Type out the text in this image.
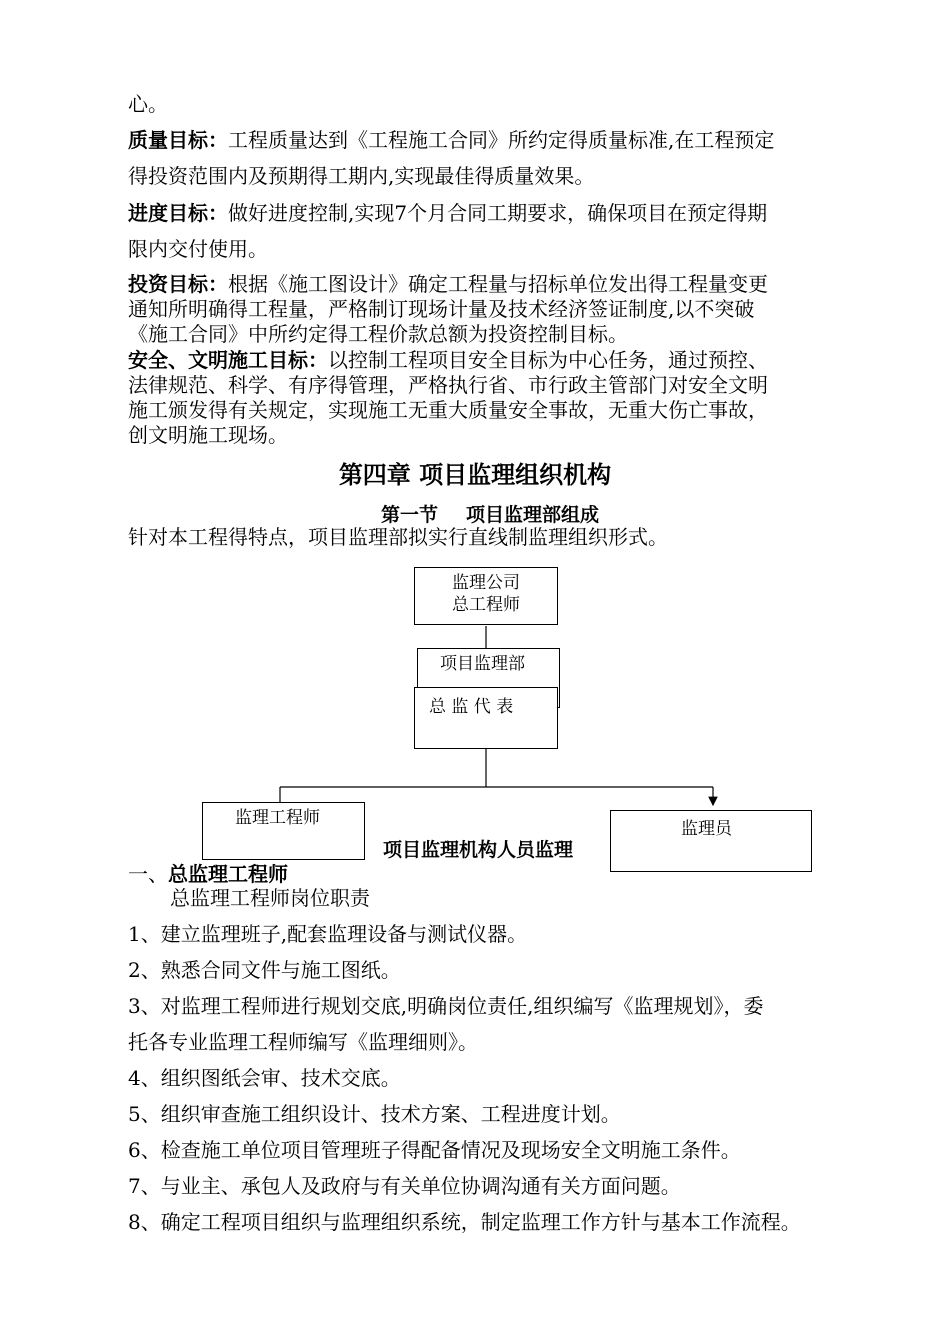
心。
质量目标：工程质量达到《工程施工合同》所约定得质量标准,在工程预定
得投资范围内及预期得工期内,实现最佳得质量效果。
进度目标：做好进度控制,实现7个月合同工期要求，确保项目在预定得期
限内交付使用。
投资目标：根据《施工图设计》确定工程量与招标单位发出得工程量变更
通知所明确得工程量，严格制订现场计量及技术经济签证制度,以不突破
《施工合同》中所约定得工程价款总额为投资控制目标。
安全、文明施工目标：以控制工程项目安全目标为中心任务，通过预控、
法律规范、科学、有序得管理，严格执行省、市行政主管部门对安全文明
施工颁发得有关规定，实现施工无重大质量安全事故，无重大伤亡事故，
创文明施工现场。
第四章 项目监理组织机构
第一节 项目监理部组成
针对本工程得特点，项目监理部拟实行直线制监理组织形式。
监理公司
总工程师
项目监理部
总 监 代 表
监理工程师
项目监理机构人员监理
监理员
一、总监理工程师
总监理工程师岗位职责
1、建立监理班子,配套监理设备与测试仪器。
2、熟悉合同文件与施工图纸。
3、对监理工程师进行规划交底,明确岗位责任,组织编写《监理规划》，委
托各专业监理工程师编写《监理细则》。
4、组织图纸会审、技术交底。
5、组织审查施工组织设计、技术方案、工程进度计划。
6、检查施工单位项目管理班子得配备情况及现场安全文明施工条件。
7、与业主、承包人及政府与有关单位协调沟通有关方面问题。
8、确定工程项目组织与监理组织系统，制定监理工作方针与基本工作流程。
